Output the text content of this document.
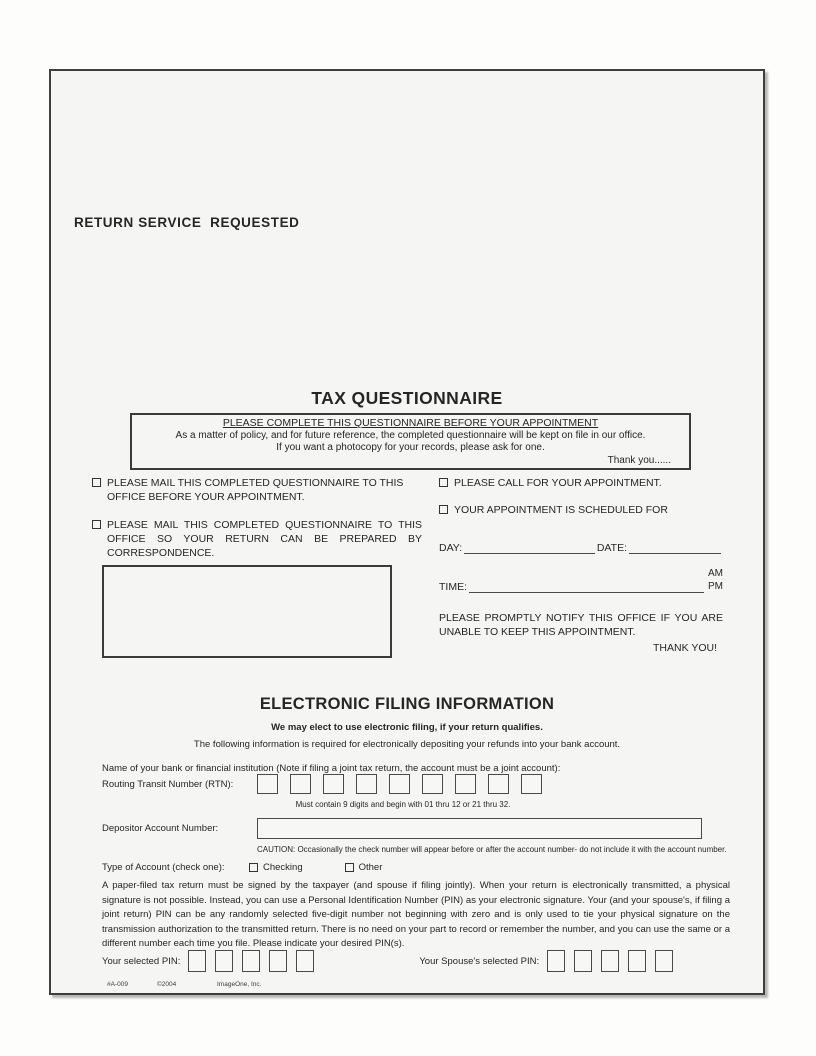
RETURN SERVICE  REQUESTED
TAX QUESTIONNAIRE
PLEASE COMPLETE THIS QUESTIONNAIRE BEFORE YOUR APPOINTMENT
As a matter of policy, and for future reference, the completed questionnaire will be kept on file in our office.
If you want a photocopy for your records, please ask for one.
Thank you......
PLEASE MAIL THIS COMPLETED QUESTIONNAIRE TO THIS OFFICE BEFORE YOUR APPOINTMENT.
PLEASE MAIL THIS COMPLETED QUESTIONNAIRE TO THIS OFFICE SO YOUR RETURN CAN BE PREPARED BY CORRESPONDENCE.
PLEASE CALL FOR YOUR APPOINTMENT.
YOUR APPOINTMENT IS SCHEDULED FOR
DAY:	DATE:
TIME:
AM
PM
PLEASE PROMPTLY NOTIFY THIS OFFICE IF YOU ARE UNABLE TO KEEP THIS APPOINTMENT.
THANK YOU!
ELECTRONIC FILING INFORMATION
We may elect to use electronic filing, if your return qualifies.
The following information is required for electronically depositing your refunds into your bank account.
Name of your bank or financial institution (Note if filing a joint tax return, the account must be a joint account):
Routing Transit Number (RTN):
Must contain 9 digits and begin with 01 thru 12 or 21 thru 32.
Depositor Account Number:
CAUTION: Occasionally the check number will appear before or after the account number- do not include it with the account number.
Type of Account (check one):	Checking	Other
A paper-filed tax return must be signed by the taxpayer (and spouse if filing jointly). When your return is electronically transmitted, a physical signature is not possible. Instead, you can use a Personal Identification Number (PIN) as your electronic signature. Your (and your spouse's, if filing a joint return) PIN can be any randomly selected five-digit number not beginning with zero and is only used to tie your physical signature on the transmission authorization to the transmitted return. There is no need on your part to record or remember the number, and you can use the same or a different number each time you file. Please indicate your desired PIN(s).
Your selected PIN:	Your Spouse's selected PIN:
#A-009	©2004	ImageOne, Inc.
